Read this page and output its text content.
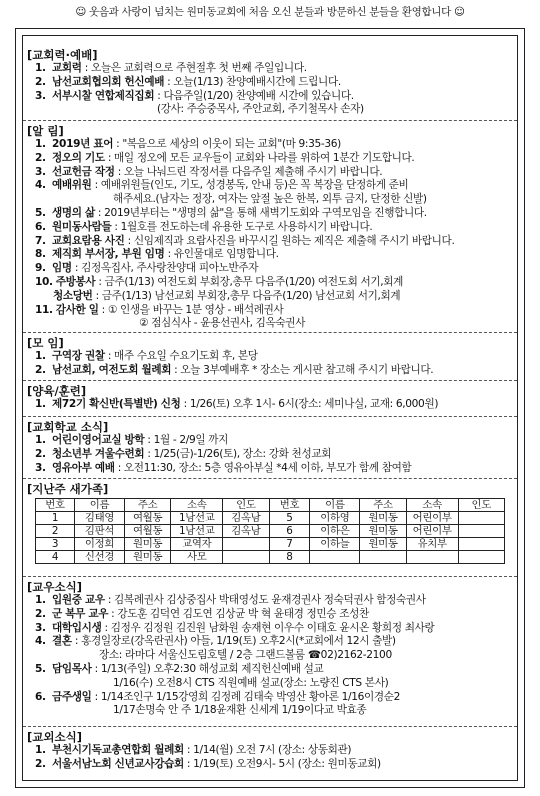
☺ 웃음과 사랑이 넘치는 원미동교회에 처음 오신 분들과 방문하신 분들을 환영합니다 ☺
[ 교회력·예배 ]
1. 교회력 : 오늘은 교회력으로 주현절후 첫 번째 주일입니다.
2. 남선교회협의회 헌신예배 : 오늘(1/13) 찬양예배시간에 드립니다.
3. 서부시찰 연합제직집회 : 다음주일(1/20) 찬양예배 시간에 있습니다.
(강사: 주승중목사, 주안교회, 주기철목사 손자)
[ 알 림 ]
1. 2019년 표어 : "복음으로 세상의 이웃이 되는 교회"(마 9:35-36)
2. 정오의 기도 : 매일 정오에 모든 교우들이 교회와 나라를 위하여 1분간 기도합니다.
3. 선교헌금 작정 : 오늘 나눠드린 작정서를 다음주일 제출해 주시기 바랍니다.
4. 예배위원 : 예배위원들(인도, 기도, 성경봉독, 안내 등)은 꼭 복장을 단정하게 준비
해주세요.(남자는 정장, 여자는 앞절 높은 한복, 외투 금지, 단정한 신발)
5. 생명의 삶 : 2019년부터는 "생명의 삶"을 통해 새벽기도회와 구역모임을 진행합니다.
6. 원미동사람들 : 1월호를 전도하는데 유용한 도구로 사용하시기 바랍니다.
7. 교회요람용 사진 : 신임제직과 요람사진을 바꾸시길 원하는 제직은 제출해 주시기 바랍니다.
8. 제직회 부서장, 부원 임명 : 유인물대로 임명합니다.
9. 임명 : 김정옥집사, 주사랑찬양대 피아노반주자
10. 주방봉사 : 금주(1/13) 여전도회 부회장,총무 다음주(1/20) 여전도회 서기,회계
청소당번 : 금주(1/13) 남선교회 부회장,총무 다음주(1/20) 남선교회 서기,회계
11. 감사한 일 : ① 인생을 바꾸는 1분 영상 - 배석례권사
② 점심식사 - 윤용선권사, 김옥숙권사
[ 모 임 ]
1. 구역장 권찰 : 매주 수요일 수요기도회 후, 본당
2. 남선교회, 여전도회 월례회 : 오늘 3부예배후 * 장소는 게시판 참고해 주시기 바랍니다.
[ 양육/훈련 ]
1. 제72기 확신반(특별반) 신청 : 1/26(토) 오후 1시- 6시(장소: 세미나실, 교재: 6,000원)
[ 교회학교 소식 ]
1. 어린이영어교실 방학 : 1월 - 2/9일 까지
2. 청소년부 겨울수련회 : 1/25(금)-1/26(토), 장소: 강화 천성교회
3. 영유아부 예배 : 오전11:30, 장소: 5층 영유아부실 *4세 이하, 부모가 함께 참여함
[ 지난주 새가족 ]
번호	이름	주소	소속	인도	번호	이름	주소	소속	인도
1	김태영	여월동	1남선교	김옥남	5	이하영	원미동	어린이부	
2	김판석	여월동	1남선교	김옥남	6	이하은	원미동	어린이부	
3	이정희	원미동	교역자		7	이하늘	원미동	유치부	
4	신선경	원미동	사모		8				
[ 교우소식 ]
1. 입원중 교우 : 김복례권사 김상중집사 박태영성도 윤재경권사 정숙덕권사 함정숙권사
2. 군 복무 교우 : 강도훈 김덕연 김도연 김상균 박 혁 윤태경 정민승 조성찬
3. 대학입시생 : 김정우 김정원 김진원 남화원 송재현 이우수 이태호 윤시온 황희정 최사랑
4. 결혼 : 홍경일장로(강옥란권사) 아들, 1/19(토) 오후2시(*교회에서 12시 출발)
장소: 라마다 서울신도림호텔 / 2층 그랜드볼룸 ☎02)2162-2100
5. 담임목사 : 1/13(주일) 오후2:30 해성교회 제직헌신예배 설교
1/16(수) 오전8시 CTS 직원예배 설교(장소: 노량진 CTS 본사)
6. 금주생일 : 1/14조인구 1/15강영희 김정례 김태숙 박영산 황아론 1/16이경순2
1/17손명숙 안 주 1/18윤재환 신세계 1/19이다교 박효종
[ 교외소식 ]
1. 부천시기독교총연합회 월례회 : 1/14(월) 오전 7시 (장소: 상동회관)
2. 서울서남노회 신년교사강습회 : 1/19(토) 오전9시- 5시 (장소: 원미동교회)
